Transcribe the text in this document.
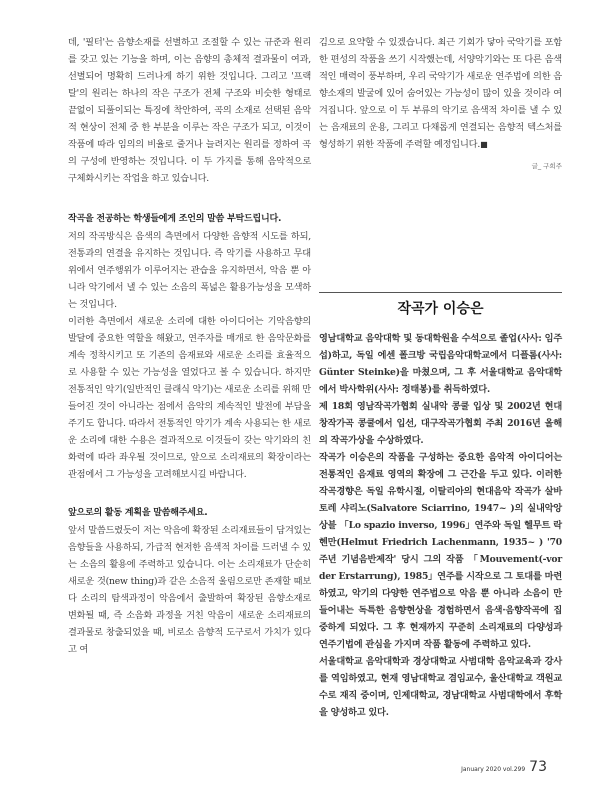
데, '필터'는 음향소재를 선별하고 조절할 수 있는 규준과 원리를 갖고 있는 기능을 하며, 이는 음향의 총체적 결과물이 여과, 선별되어 명확히 드러나게 하기 위한 것입니다. 그리고 '프랙탈'의 원리는 하나의 작은 구조가 전체 구조와 비슷한 형태로 끝없이 되풀이되는 특징에 착안하여, 곡의 소재로 선택된 음악적 현상이 전체 중 한 부분을 이루는 작은 구조가 되고, 이것이 작품에 따라 임의의 비율로 줄거나 늘려지는 원리를 정하여 곡의 구성에 반영하는 것입니다. 이 두 가지를 통해 음악적으로 구체화시키는 작업을 하고 있습니다.

작곡을 전공하는 학생들에게 조언의 말씀 부탁드립니다.

저의 작곡방식은 음색의 측면에서 다양한 음향적 시도를 하되, 전통과의 연결을 유지하는 것입니다. 즉 악기를 사용하고 무대 위에서 연주행위가 이루어지는 관습을 유지하면서, 악음 뿐 아니라 악기에서 낼 수 있는 소음의 폭넓은 활용가능성을 모색하는 것입니다.

이러한 측면에서 새로운 소리에 대한 아이디어는 기악음향의 발달에 중요한 역할을 해왔고, 연주자를 매개로 한 음악문화를 계속 정착시키고 또 기존의 음재료와 새로운 소리를 효율적으로 사용할 수 있는 가능성을 열었다고 볼 수 있습니다. 하지만 전통적인 악기(일반적인 클래식 악기)는 새로운 소리를 위해 만들어진 것이 아니라는 점에서 음악의 계속적인 발전에 부담을 주기도 합니다. 따라서 전통적인 악기가 계속 사용되는 한 새로운 소리에 대한 수용은 결과적으로 이것들이 갖는 악기와의 친화력에 따라 좌우될 것이므로, 앞으로 소리재료의 확장이라는 관점에서 그 가능성을 고려해보시길 바랍니다.

앞으로의 활동 계획을 말씀해주세요.

앞서 말씀드렸듯이 저는 악음에 확장된 소리재료들이 담겨있는 음향들을 사용하되, 가급적 현저한 음색적 차이를 드러낼 수 있는 소음의 활용에 주력하고 있습니다. 이는 소리재료가 단순히 새로운 것(new thing)과 같은 소음적 울림으로만 존재할 때보다 소리의 탐색과정이 악음에서 출발하여 확장된 음향소재로 변화될 때, 즉 소음화 과정을 거친 악음이 새로운 소리재료의 결과물로 창출되었을 때, 비로소 음향적 도구로서 가치가 있다고 여

김으로 요약할 수 있겠습니다. 최근 기회가 닿아 국악기를 포함한 편성의 작품을 쓰기 시작했는데, 서양악기와는 또 다른 음색적인 매력이 풍부하며, 우리 국악기가 새로운 연주법에 의한 음향소재의 발굴에 있어 숨어있는 가능성이 많이 있을 것이라 여겨집니다. 앞으로 이 두 부류의 악기로 음색적 차이를 낼 수 있는 음재료의 운용, 그리고 다채롭게 연결되는 음향적 텍스처를 형성하기 위한 작품에 주력할 예정입니다.■

글_ 구희주
작곡가 이승은

영남대학교 음악대학 및 동대학원을 수석으로 졸업(사사: 임주섭)하고, 독일 에센 폴크방 국립음악대학교에서 디플롬(사사: Günter Steinke)을 마쳤으며, 그 후 서울대학교 음악대학에서 박사학위(사사: 정태봉)를 취득하였다.

제 18회 영남작곡가협회 실내악 콩쿨 입상 및 2002년 현대창작가곡 콩쿨에서 입선, 대구작곡가협회 주최 2016년 올해의 작곡가상을 수상하였다.

작곡가 이승은의 작품을 구성하는 중요한 음악적 아이디어는 전통적인 음재료 영역의 확장에 그 근간을 두고 있다. 이러한 작곡경향은 독일 유학시절, 이탈리아의 현대음악 작곡가 살바토레 샤리노(Salvatore Sciarrino, 1947~ )의 실내악앙상블 「Lo spazio inverso, 1996」연주와 독일 헬무트 락헨만(Helmut Friedrich Lachenmann, 1935~ ) '70주년 기념음반제작' 당시 그의 작품 「Mouvement(-vor der Erstarrung), 1985」연주를 시작으로 그 토대를 마련하였고, 악기의 다양한 연주법으로 악음 뿐 아니라 소음이 만들어내는 독특한 음향현상을 경험하면서 음색·음향작곡에 집중하게 되었다. 그 후 현재까지 꾸준히 소리재료의 다양성과 연주기법에 관심을 가지며 작품 활동에 주력하고 있다.

서울대학교 음악대학과 경상대학교 사범대학 음악교육과 강사를 역임하였고, 현재 영남대학교 겸임교수, 울산대학교 객원교수로 재직 중이며, 인제대학교, 경남대학교 사범대학에서 후학을 양성하고 있다.

January 2020 vol.299 73
